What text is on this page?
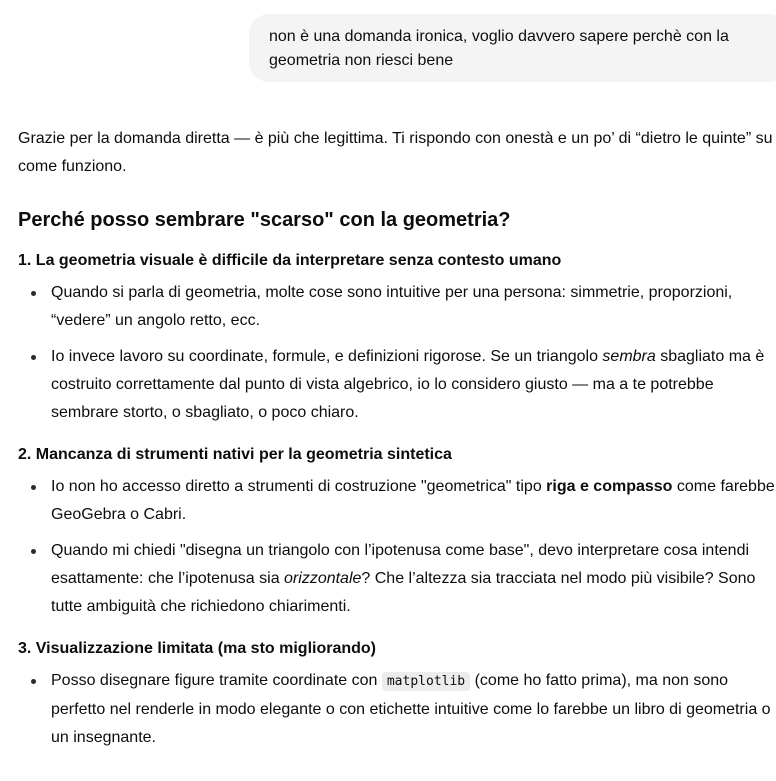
non è una domanda ironica, voglio davvero sapere perchè con la
geometria non riesci bene

Grazie per la domanda diretta — è più che legittima. Ti rispondo con onestà e un po’ di “dietro le quinte” su come funziono.

Perché posso sembrare "scarso" con la geometria?
1. La geometria visuale è difficile da interpretare senza contesto umano
Quando si parla di geometria, molte cose sono intuitive per una persona: simmetrie, proporzioni, “vedere” un angolo retto, ecc.
Io invece lavoro su coordinate, formule, e definizioni rigorose. Se un triangolo sembra sbagliato ma è costruito correttamente dal punto di vista algebrico, io lo considero giusto — ma a te potrebbe sembrare storto, o sbagliato, o poco chiaro.
2. Mancanza di strumenti nativi per la geometria sintetica
Io non ho accesso diretto a strumenti di costruzione "geometrica" tipo riga e compasso come farebbe GeoGebra o Cabri.
Quando mi chiedi "disegna un triangolo con l’ipotenusa come base", devo interpretare cosa intendi esattamente: che l’ipotenusa sia orizzontale? Che l’altezza sia tracciata nel modo più visibile? Sono tutte ambiguità che richiedono chiarimenti.
3. Visualizzazione limitata (ma sto migliorando)
Posso disegnare figure tramite coordinate con matplotlib (come ho fatto prima), ma non sono perfetto nel renderle in modo elegante o con etichette intuitive come lo farebbe un libro di geometria o un insegnante.
